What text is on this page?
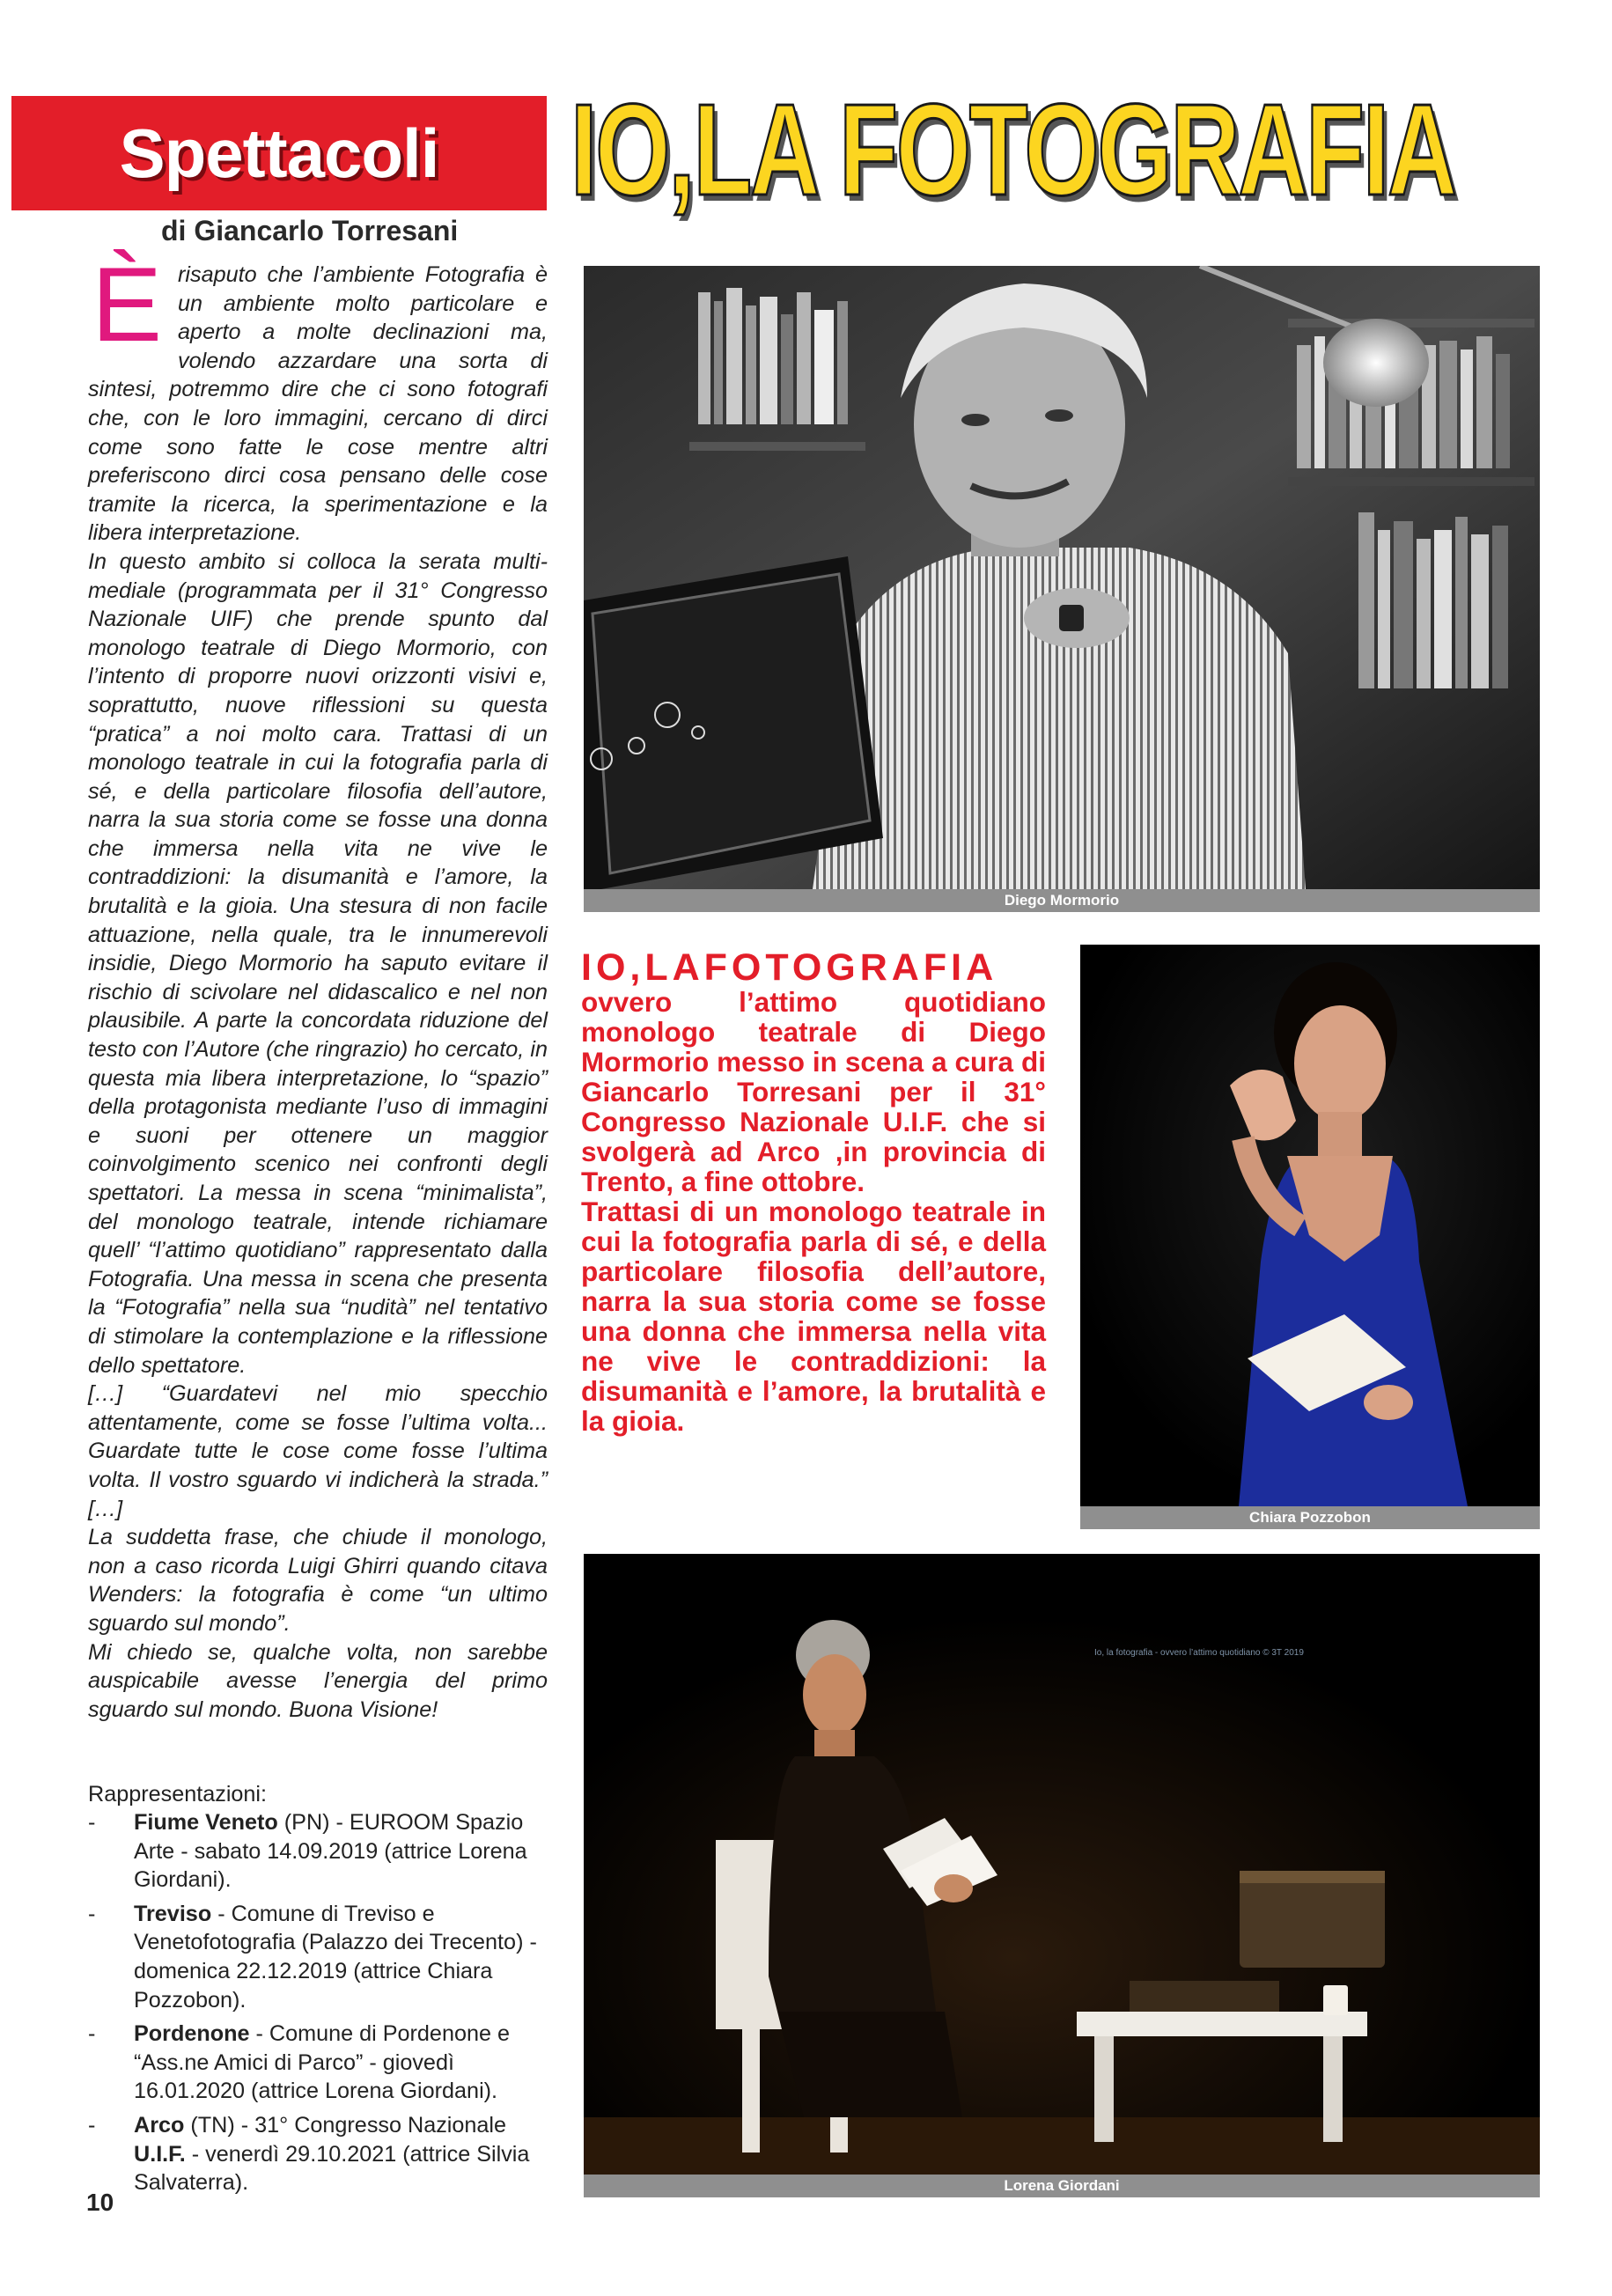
Spettacoli	IO,LA FOTOGRAFIA
di Giancarlo Torresani

Èrisaputo che l’ambiente Fotografia è un ambiente molto particolare e aperto a molte declinazioni ma, volendo azzardare una sorta di sintesi, potremmo dire che ci sono fotografi che, con le loro immagini, cercano di dirci come sono fatte le cose mentre altri preferiscono dirci cosa pensano delle cose tramite la ricerca, la sperimentazione e la libera interpretazione.

In questo ambito si colloca la serata multi-mediale (programmata per il 31° Congresso Nazionale UIF) che prende spunto dal monologo teatrale di Diego Mormorio, con l’intento di proporre nuovi orizzonti visivi e, soprattutto, nuove riflessioni su questa “pratica” a noi molto cara. Trattasi di un monologo teatrale in cui la fotografia parla di sé, e della particolare filosofia dell’autore, narra la sua storia come se fosse una donna che immersa nella vita ne vive le contraddizioni: la disumanità e l’amore, la brutalità e la gioia. Una stesura di non facile attuazione, nella quale, tra le innumerevoli insidie, Diego Mormorio ha saputo evitare il rischio di scivolare nel didascalico e nel non plausibile. A parte la concordata riduzione del testo con l’Autore (che ringrazio) ho cercato, in questa mia libera interpretazione, lo “spazio” della protagonista mediante l’uso di immagini e suoni per ottenere un maggior coinvolgimento scenico nei confronti degli spettatori. La messa in scena “minimalista”, del monologo teatrale, intende richiamare quell’ “l’attimo quotidiano” rappresentato dalla Fotografia. Una messa in scena che presenta la “Fotografia” nella sua “nudità” nel tentativo di stimolare la contemplazione e la riflessione dello spettatore.

[…] “Guardatevi nel mio specchio attentamente, come se fosse l’ultima volta... Guardate tutte le cose come fosse l’ultima volta. Il vostro sguardo vi indicherà la strada.” […]

La suddetta frase, che chiude il monologo, non a caso ricorda Luigi Ghirri quando citava Wenders: la fotografia è come “un ultimo sguardo sul mondo”.

Mi chiedo se, qualche volta, non sarebbe auspicabile avesse l’energia del primo sguardo sul mondo. Buona Visione!

Rappresentazioni:
- Fiume Veneto (PN) - EUROOM Spazio Arte - sabato 14.09.2019 (attrice Lorena Giordani).
- Treviso - Comune di Treviso e Venetofotografia (Palazzo dei Trecento) - domenica 22.12.2019 (attrice Chiara Pozzobon).
- Pordenone - Comune di Pordenone e “Ass.ne Amici di Parco” - giovedì 16.01.2020 (attrice Lorena Giordani).
- Arco (TN) - 31° Congresso Nazionale U.I.F. - venerdì 29.10.2021 (attrice Silvia Salvaterra).
10
Diego Mormorio
IO,LAFOTOGRAFIA
ovvero l’attimo quotidiano monologo teatrale di Diego Mormorio messo in scena a cura di Giancarlo Torresani per il 31° Congresso Nazionale U.I.F. che si svolgerà ad Arco ,in provincia di Trento, a fine ottobre.
Trattasi di un monologo teatrale in cui la fotografia parla di sé, e della particolare filosofia dell’autore, narra la sua storia come se fosse una donna che immersa nella vita ne vive le contraddizioni: la disumanità e l’amore, la brutalità e la gioia.
Chiara Pozzobon
Io, la fotografia - ovvero l’attimo quotidiano © 3T 2019
Lorena Giordani
